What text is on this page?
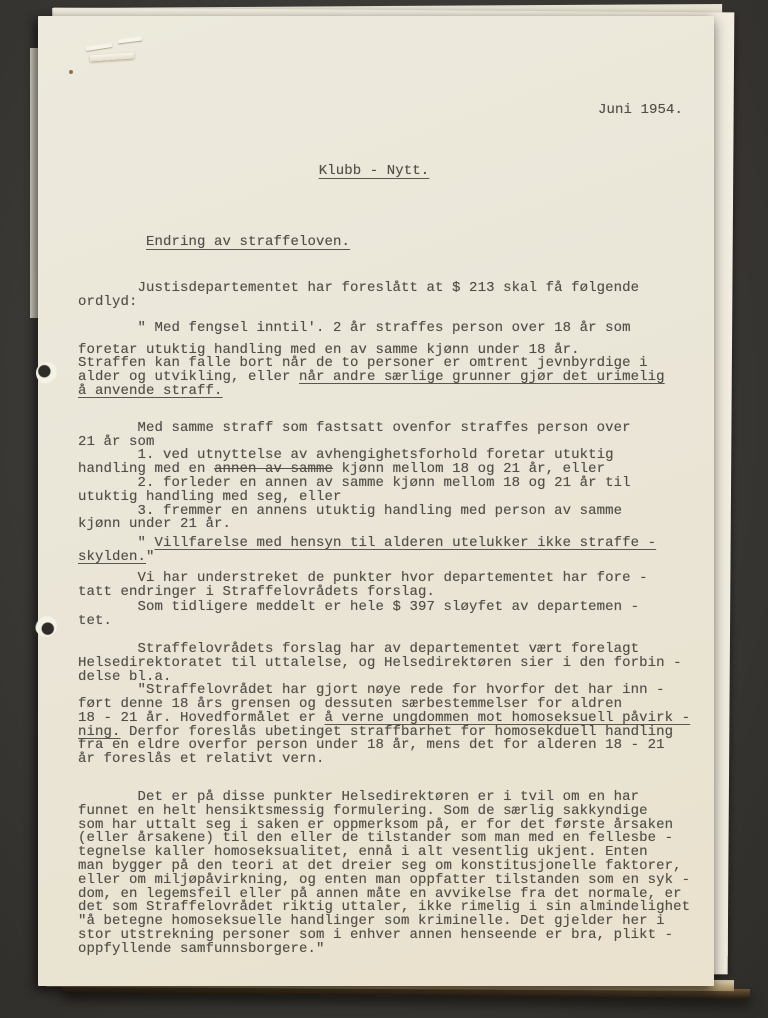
Juni 1954.

Klubb - Nytt.

Endring av straffeloven.

Justisdepartementet har foreslått at $ 213 skal få følgende
ordlyd:
" Med fengsel inntil'. 2 år straffes person over 18 år som
foretar utuktig handling med en av samme kjønn under 18 år.
Straffen kan falle bort når de to personer er omtrent jevnbyrdige i
alder og utvikling, eller når andre særlige grunner gjør det urimelig
å anvende straff.
Med samme straff som fastsatt ovenfor straffes person over
21 år som
1. ved utnyttelse av avhengighetsforhold foretar utuktig
handling med en annen av samme kjønn mellom 18 og 21 år, eller
2. forleder en annen av samme kjønn mellom 18 og 21 år til
utuktig handling med seg, eller
3. fremmer en annens utuktig handling med person av samme
kjønn under 21 år.
" Villfarelse med hensyn til alderen utelukker ikke straffe -
skylden."
Vi har understreket de punkter hvor departementet har fore -
tatt endringer i Straffelovrådets forslag.
Som tidligere meddelt er hele $ 397 sløyfet av departemen -
tet.
Straffelovrådets forslag har av departementet vært forelagt
Helsedirektoratet til uttalelse, og Helsedirektøren sier i den forbin -
delse bl.a.
"Straffelovrådet har gjort nøye rede for hvorfor det har inn -
ført denne 18 års grensen og dessuten særbestemmelser for aldren
18 - 21 år. Hovedformålet er å verne ungdommen mot homoseksuell påvirk -
ning. Derfor foreslås ubetinget straffbarhet for homosekduell handling
fra en eldre overfor person under 18 år, mens det for alderen 18 - 21
år foreslås et relativt vern.
Det er på disse punkter Helsedirektøren er i tvil om en har
funnet en helt hensiktsmessig formulering. Som de særlig sakkyndige
som har uttalt seg i saken er oppmerksom på, er for det første årsaken
(eller årsakene) til den eller de tilstander som man med en fellesbe -
tegnelse kaller homoseksualitet, ennå i alt vesentlig ukjent. Enten
man bygger på den teori at det dreier seg om konstitusjonelle faktorer,
eller om miljøpåvirkning, og enten man oppfatter tilstanden som en syk -
dom, en legemsfeil eller på annen måte en avvikelse fra det normale, er
det som Straffelovrådet riktig uttaler, ikke rimelig i sin almindelighet
"å betegne homoseksuelle handlinger som kriminelle. Det gjelder her i
stor utstrekning personer som i enhver annen henseende er bra, plikt -
oppfyllende samfunnsborgere."
